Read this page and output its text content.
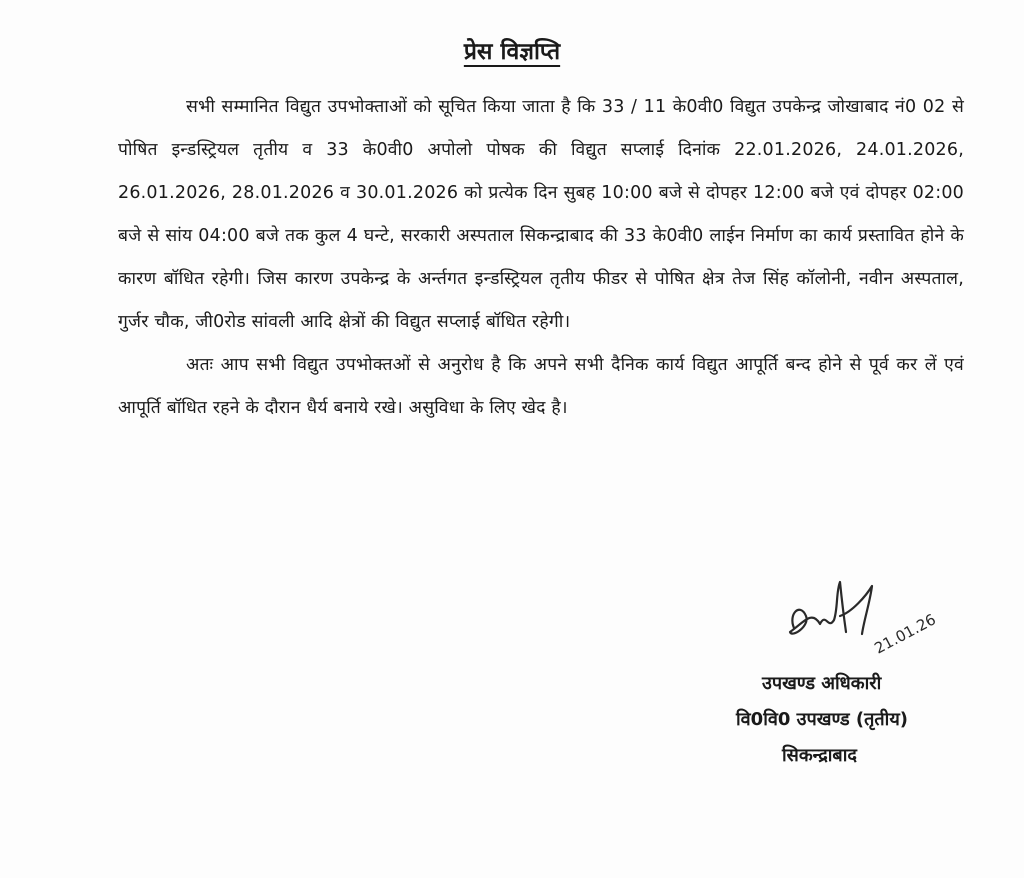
प्रेस विज्ञप्ति

सभी सम्मानित विद्युत उपभोक्ताओं को सूचित किया जाता है कि 33 / 11 के0वी0 विद्युत उपकेन्द्र जोखाबाद नं0 02 से पोषित इन्डस्ट्रियल तृतीय व 33 के0वी0 अपोलो पोषक की विद्युत सप्लाई दिनांक 22.01.2026, 24.01.2026, 26.01.2026, 28.01.2026 व 30.01.2026 को प्रत्येक दिन सुबह 10:00 बजे से दोपहर 12:00 बजे एवं दोपहर 02:00 बजे से सांय 04:00 बजे तक कुल 4 घन्टे, सरकारी अस्पताल सिकन्द्राबाद की 33 के0वी0 लाईन निर्माण का कार्य प्रस्तावित होने के कारण बॉधित रहेगी। जिस कारण उपकेन्द्र के अर्न्तगत इन्डस्ट्रियल तृतीय फीडर से पोषित क्षेत्र तेज सिंह कॉलोनी, नवीन अस्पताल, गुर्जर चौक, जी0रोड सांवली आदि क्षेत्रों की विद्युत सप्लाई बॉधित रहेगी।

अतः आप सभी विद्युत उपभोक्तओं से अनुरोध है कि अपने सभी दैनिक कार्य विद्युत आपूर्ति बन्द होने से पूर्व कर लें एवं आपूर्ति बॉधित रहने के दौरान धैर्य बनाये रखे। असुविधा के लिए खेद है।

21.01.26
उपखण्ड अधिकारी
वि0वि0 उपखण्ड (तृतीय)
सिकन्द्राबाद
